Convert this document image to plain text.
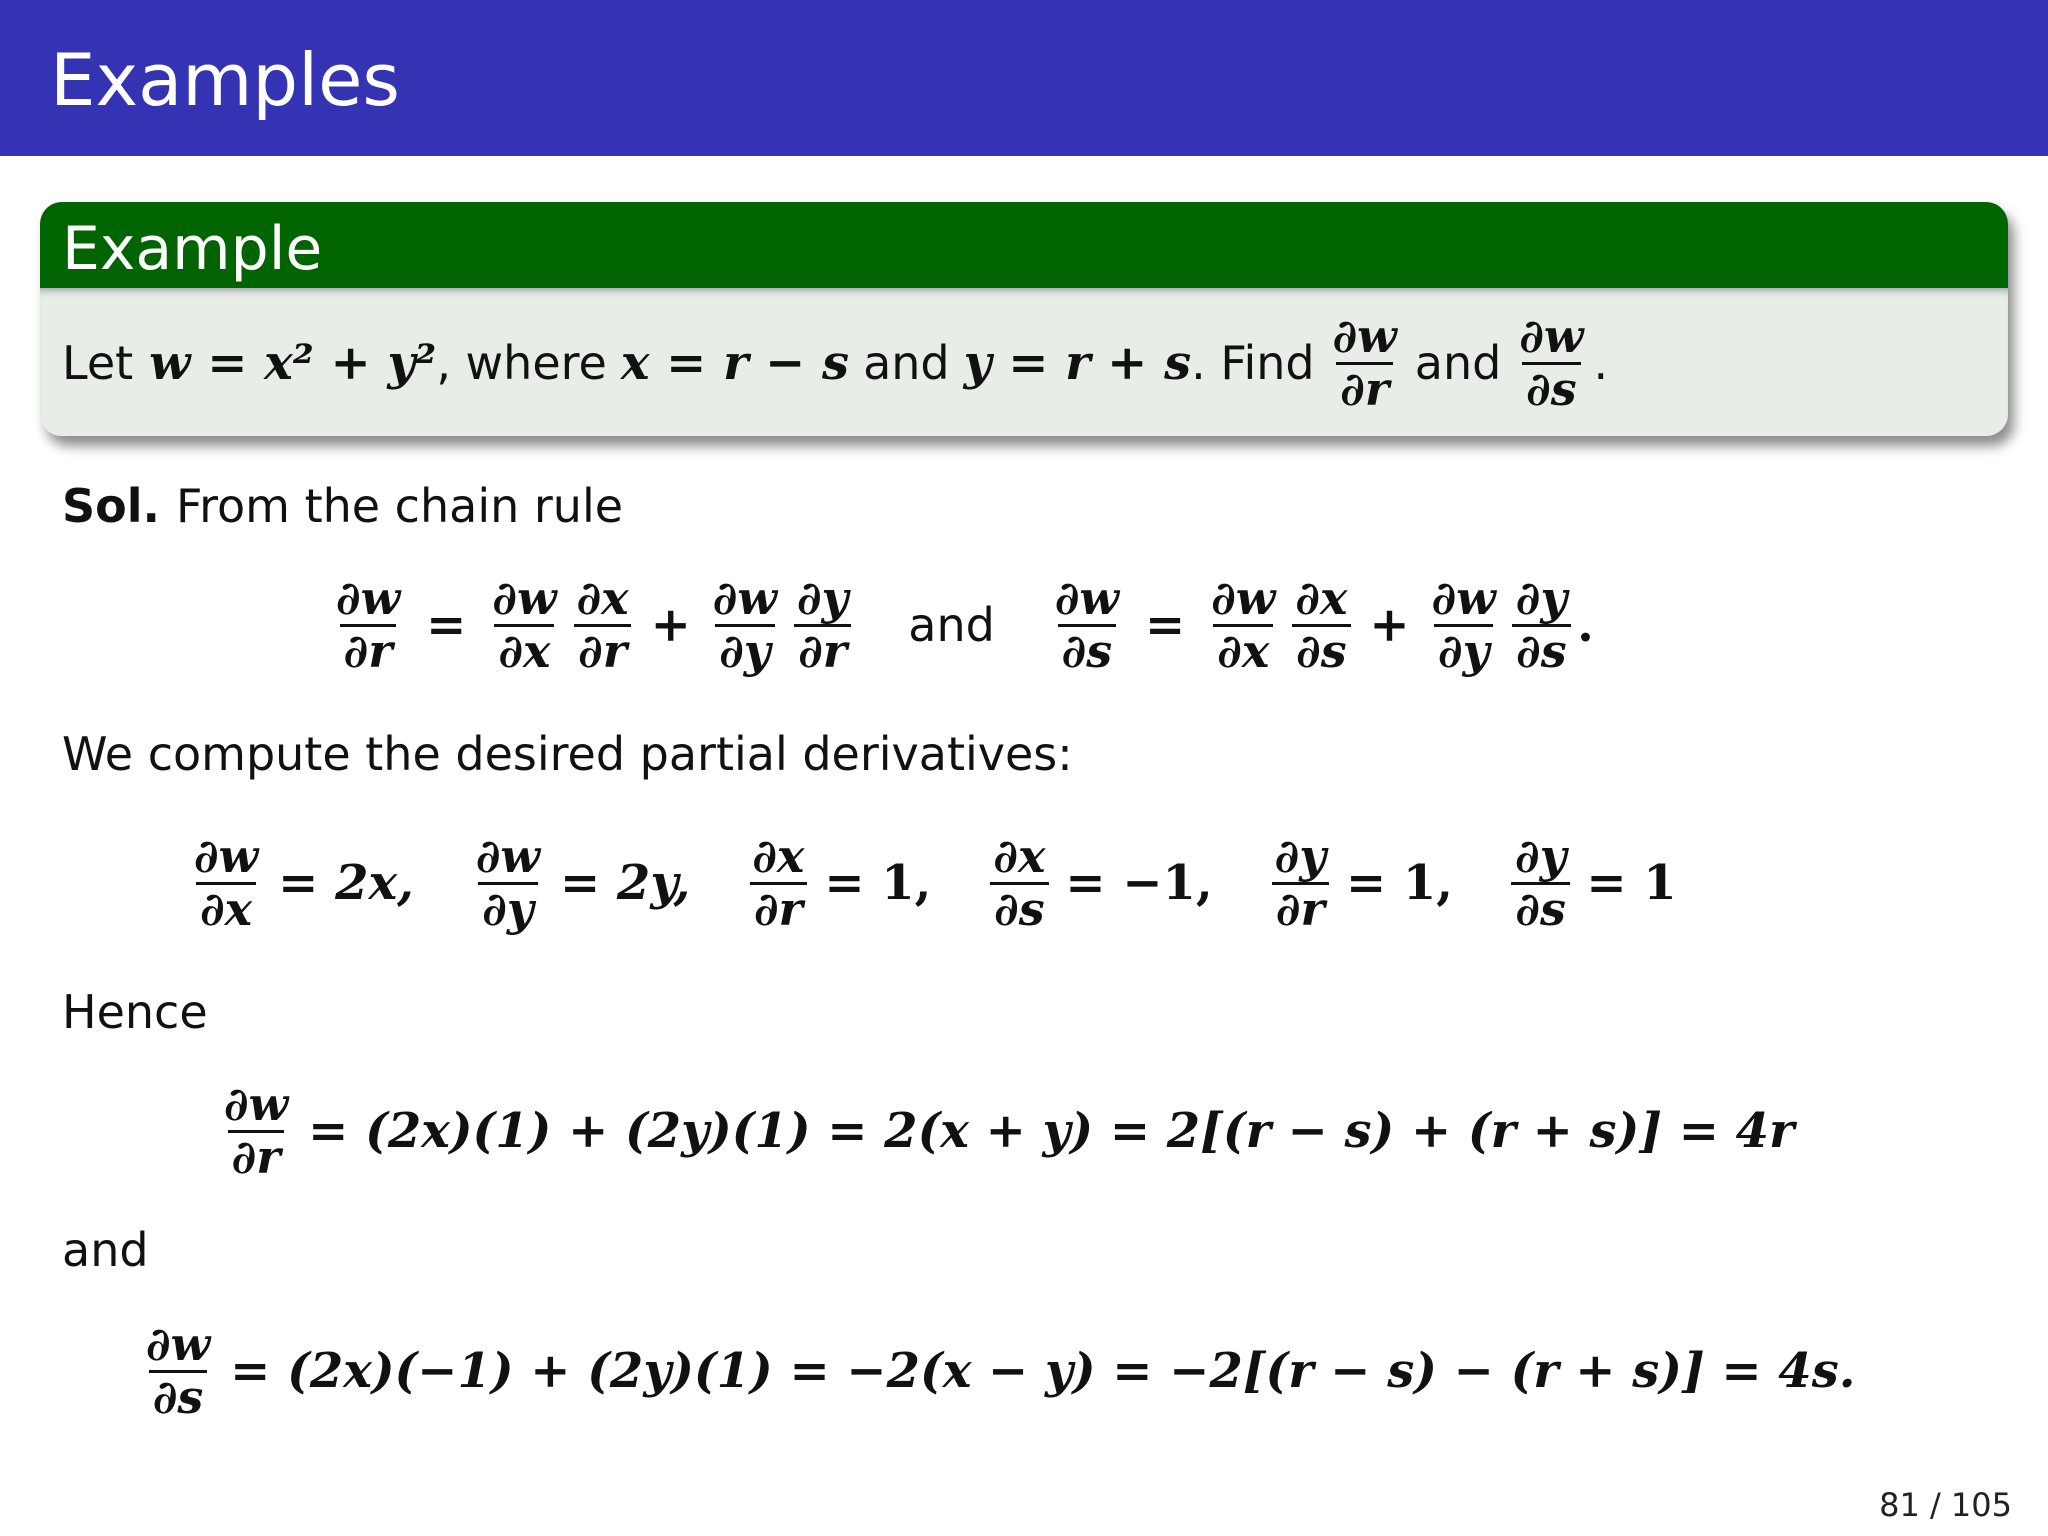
Examples
Example
Let w = x² + y² , where x = r − s and y = r + s . Find $\frac{\partial w}{\partial r}$ and $\frac{\partial w}{\partial s}$ .
Sol. From the chain rule
$\frac{\partial w}{\partial r} = \frac{\partial w}{\partial x} \frac{\partial x}{\partial r} + \frac{\partial w}{\partial y} \frac{\partial y}{\partial r}$ and $\frac{\partial w}{\partial s} = \frac{\partial w}{\partial x} \frac{\partial x}{\partial s} + \frac{\partial w}{\partial y} \frac{\partial y}{\partial s}$ .
We compute the desired partial derivatives:
$\frac{\partial w}{\partial x} = 2x$, $\frac{\partial w}{\partial y} = 2y$, $\frac{\partial x}{\partial r} = 1$, $\frac{\partial x}{\partial s} = -1$, $\frac{\partial y}{\partial r} = 1$, $\frac{\partial y}{\partial s} = 1$
Hence
$\frac{\partial w}{\partial r} = (2x)(1) + (2y)(1) = 2(x + y) = 2[(r - s) + (r + s)] = 4r$
and
$\frac{\partial w}{\partial s} = (2x)(-1) + (2y)(1) = -2(x - y) = -2[(r - s) - (r + s)] = 4s$.
81 / 105
